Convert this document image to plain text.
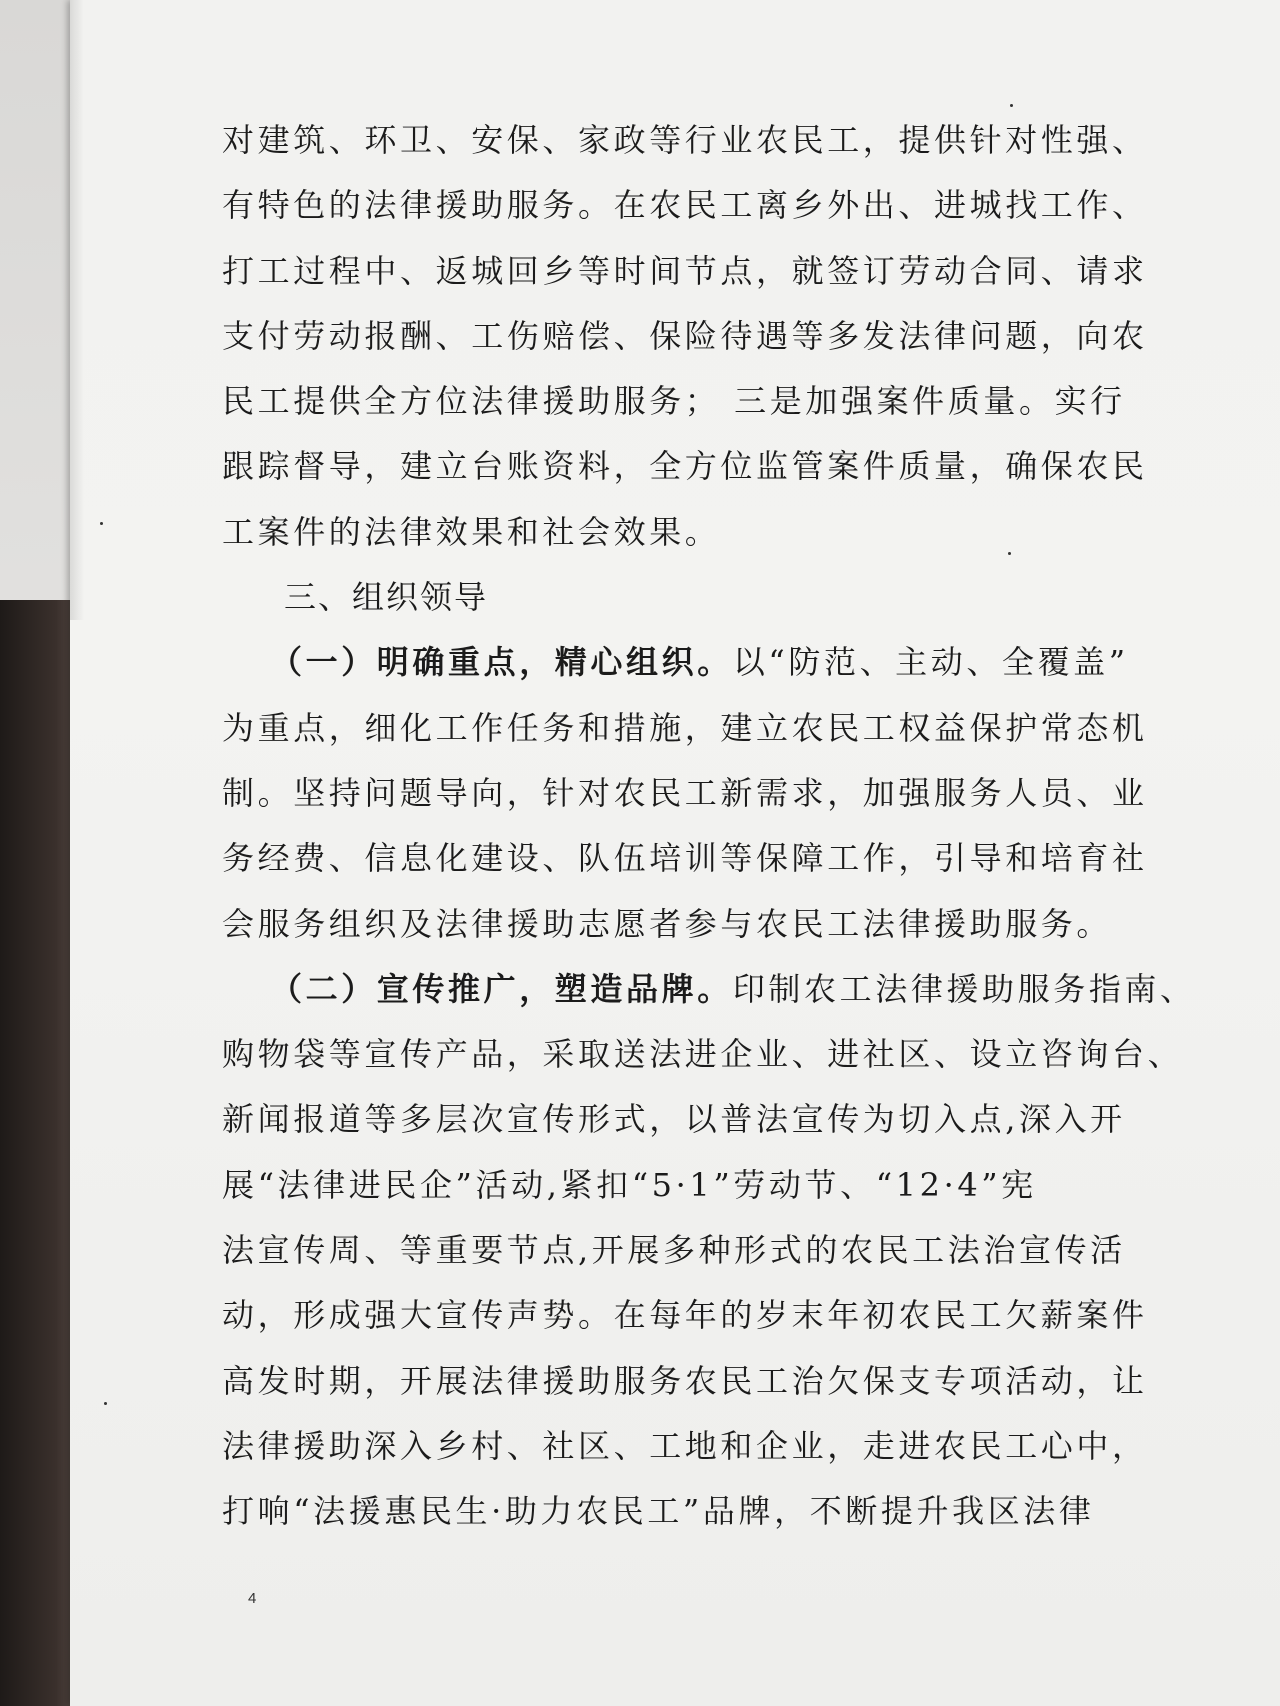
对建筑、环卫、安保、家政等行业农民工，提供针对性强、
有特色的法律援助服务。在农民工离乡外出、进城找工作、
打工过程中、返城回乡等时间节点，就签订劳动合同、请求
支付劳动报酬、工伤赔偿、保险待遇等多发法律问题，向农
民工提供全方位法律援助服务； 三是加强案件质量。实行
跟踪督导，建立台账资料，全方位监管案件质量，确保农民
工案件的法律效果和社会效果。
三、组织领导
（一）明确重点，精心组织。以“防范、主动、全覆盖”
为重点，细化工作任务和措施，建立农民工权益保护常态机
制。坚持问题导向，针对农民工新需求，加强服务人员、业
务经费、信息化建设、队伍培训等保障工作，引导和培育社
会服务组织及法律援助志愿者参与农民工法律援助服务。
（二）宣传推广，塑造品牌。印制农工法律援助服务指南、
购物袋等宣传产品，采取送法进企业、进社区、设立咨询台、
新闻报道等多层次宣传形式，以普法宣传为切入点,深入开
展“法律进民企”活动,紧扣“5·1”劳动节、“12·4”宪
法宣传周、等重要节点,开展多种形式的农民工法治宣传活
动，形成强大宣传声势。在每年的岁末年初农民工欠薪案件
高发时期，开展法律援助服务农民工治欠保支专项活动，让
法律援助深入乡村、社区、工地和企业，走进农民工心中，
打响“法援惠民生·助力农民工”品牌，不断提升我区法律
4
